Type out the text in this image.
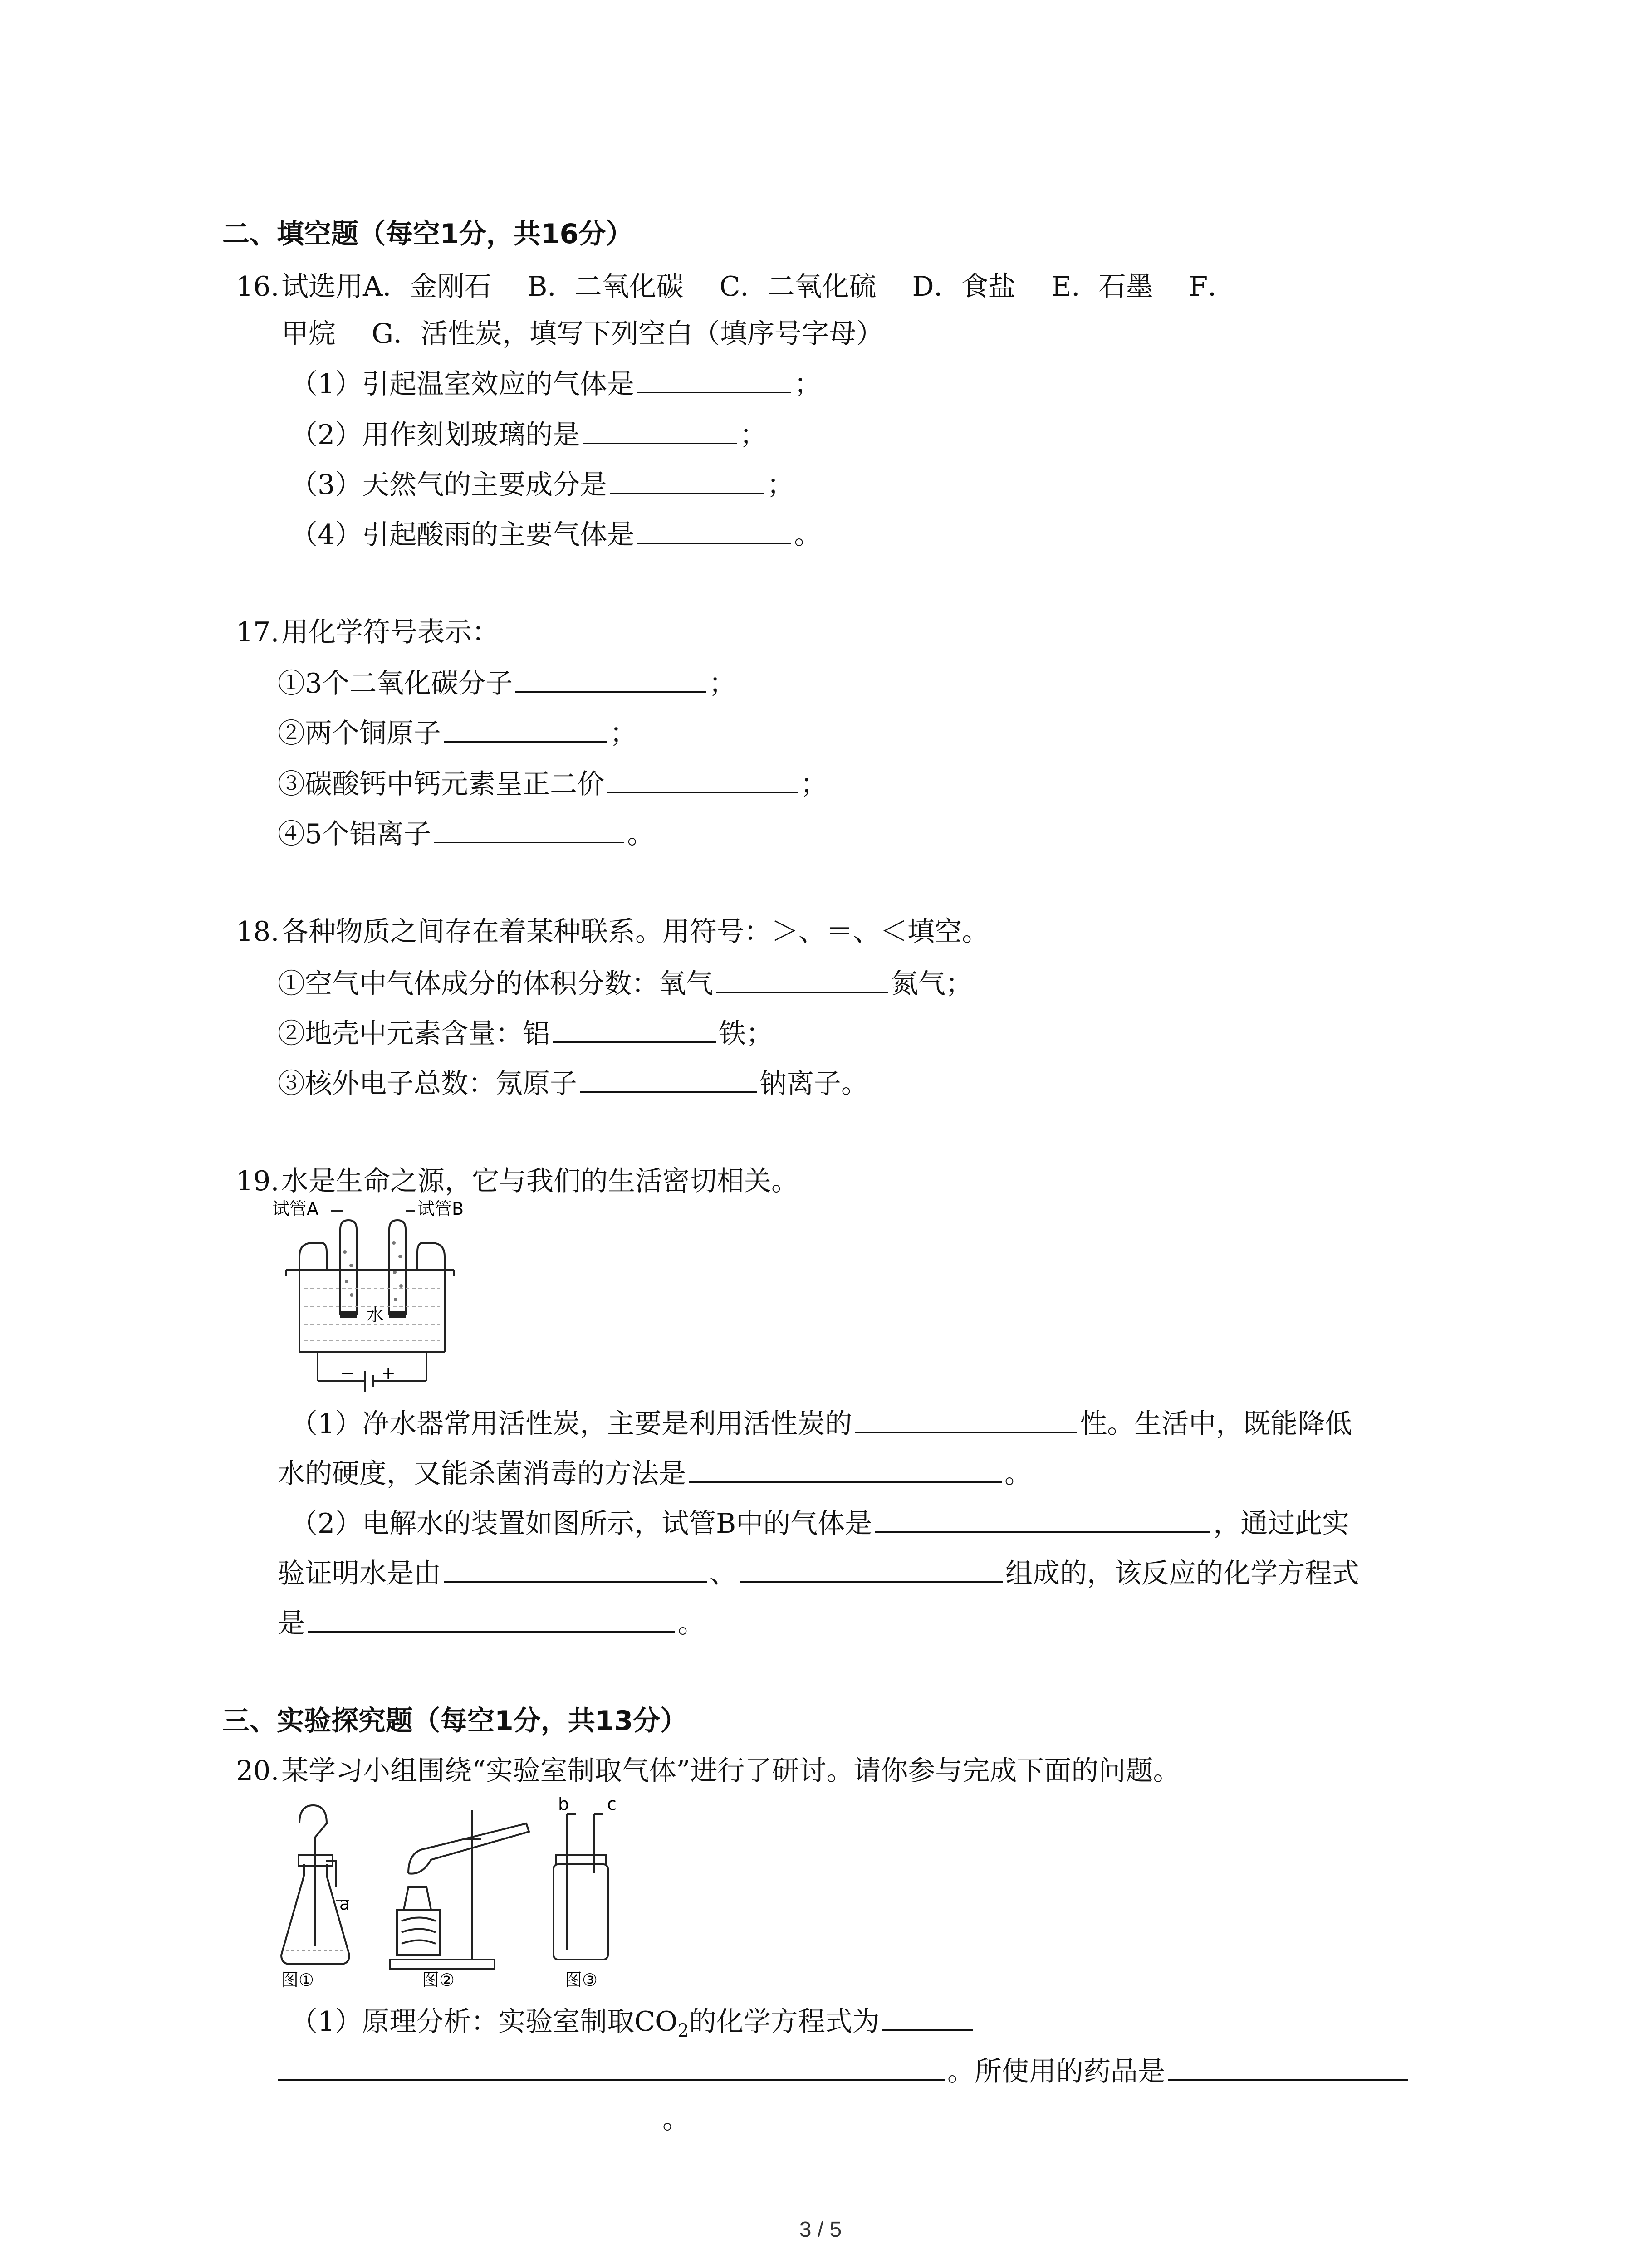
二、填空题（每空1分，共16分）
16.试选用A．金刚石　 B．二氧化碳　 C．二氧化硫　 D．食盐　 E．石墨　 F．
甲烷　 G．活性炭，填写下列空白（填序号字母）
（1）引起温室效应的气体是	；
（2）用作刻划玻璃的是	；
（3）天然气的主要成分是	；
（4）引起酸雨的主要气体是	。
17.用化学符号表示：
①3个二氧化碳分子	；
②两个铜原子	；
③碳酸钙中钙元素呈正二价	；
④5个铝离子	。
18.各种物质之间存在着某种联系。用符号：＞、＝、＜填空。
①空气中气体成分的体积分数：氧气	氮气；
②地壳中元素含量：铝	铁；
③核外电子总数：氖原子	钠离子。
19.水是生命之源，它与我们的生活密切相关。
试管A	试管B
水
− +
（1）净水器常用活性炭，主要是利用活性炭的	性。生活中，既能降低
水的硬度，又能杀菌消毒的方法是	。
（2）电解水的装置如图所示，试管B中的气体是	，通过此实
验证明水是由	、	组成的，该反应的化学方程式
是	。
三、实验探究题（每空1分，共13分）
20.某学习小组围绕“实验室制取气体”进行了研讨。请你参与完成下面的问题。
a
b c
图①	图②	图③
（1）原理分析：实验室制取$CO_2$的化学方程式为
。所使用的药品是
。
3 / 5
